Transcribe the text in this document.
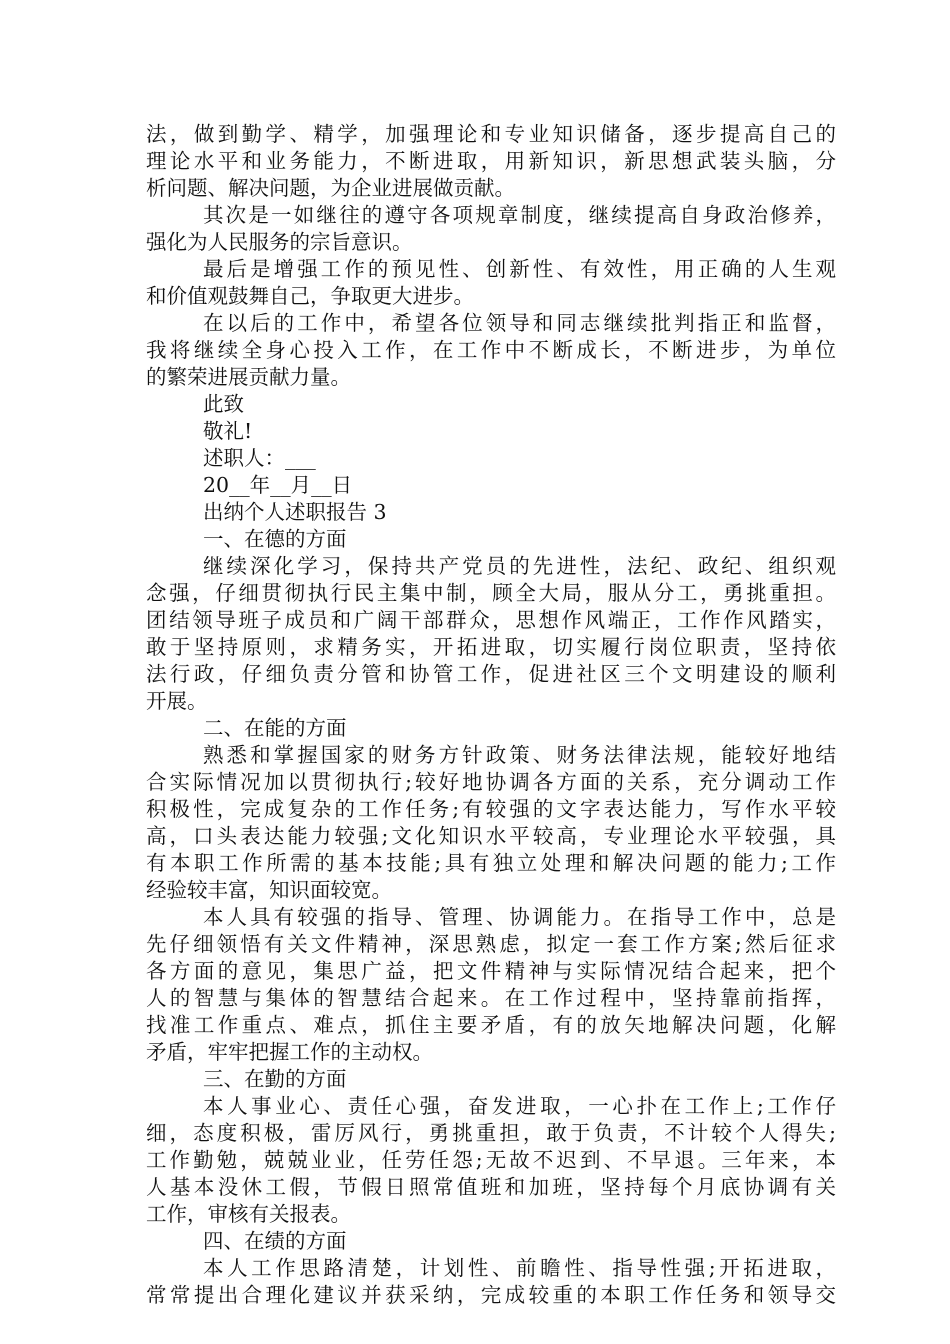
法，做到勤学、精学，加强理论和专业知识储备，逐步提高自己的
理论水平和业务能力，不断进取，用新知识，新思想武装头脑，分
析问题、解决问题，为企业进展做贡献。
其次是一如继往的遵守各项规章制度，继续提高自身政治修养，
强化为人民服务的宗旨意识。
最后是增强工作的预见性、创新性、有效性，用正确的人生观
和价值观鼓舞自己，争取更大进步。
在以后的工作中，希望各位领导和同志继续批判指正和监督，
我将继续全身心投入工作，在工作中不断成长，不断进步，为单位
的繁荣进展贡献力量。
此致
敬礼!
述职人：___
20__年__月__日
出纳个人述职报告 3
一、在德的方面
继续深化学习，保持共产党员的先进性，法纪、政纪、组织观
念强，仔细贯彻执行民主集中制，顾全大局，服从分工，勇挑重担。
团结领导班子成员和广阔干部群众，思想作风端正，工作作风踏实，
敢于坚持原则，求精务实，开拓进取，切实履行岗位职责，坚持依
法行政，仔细负责分管和协管工作，促进社区三个文明建设的顺利
开展。
二、在能的方面
熟悉和掌握国家的财务方针政策、财务法律法规，能较好地结
合实际情况加以贯彻执行;较好地协调各方面的关系，充分调动工作
积极性，完成复杂的工作任务;有较强的文字表达能力，写作水平较
高，口头表达能力较强;文化知识水平较高，专业理论水平较强，具
有本职工作所需的基本技能;具有独立处理和解决问题的能力;工作
经验较丰富，知识面较宽。
本人具有较强的指导、管理、协调能力。在指导工作中，总是
先仔细领悟有关文件精神，深思熟虑，拟定一套工作方案;然后征求
各方面的意见，集思广益，把文件精神与实际情况结合起来，把个
人的智慧与集体的智慧结合起来。在工作过程中，坚持靠前指挥，
找准工作重点、难点，抓住主要矛盾，有的放矢地解决问题，化解
矛盾，牢牢把握工作的主动权。
三、在勤的方面
本人事业心、责任心强，奋发进取，一心扑在工作上;工作仔
细，态度积极，雷厉风行，勇挑重担，敢于负责，不计较个人得失;
工作勤勉，兢兢业业，任劳任怨;无故不迟到、不早退。三年来，本
人基本没休工假，节假日照常值班和加班，坚持每个月底协调有关
工作，审核有关报表。
四、在绩的方面
本人工作思路清楚，计划性、前瞻性、指导性强;开拓进取，
常常提出合理化建议并获采纳，完成较重的本职工作任务和领导交
